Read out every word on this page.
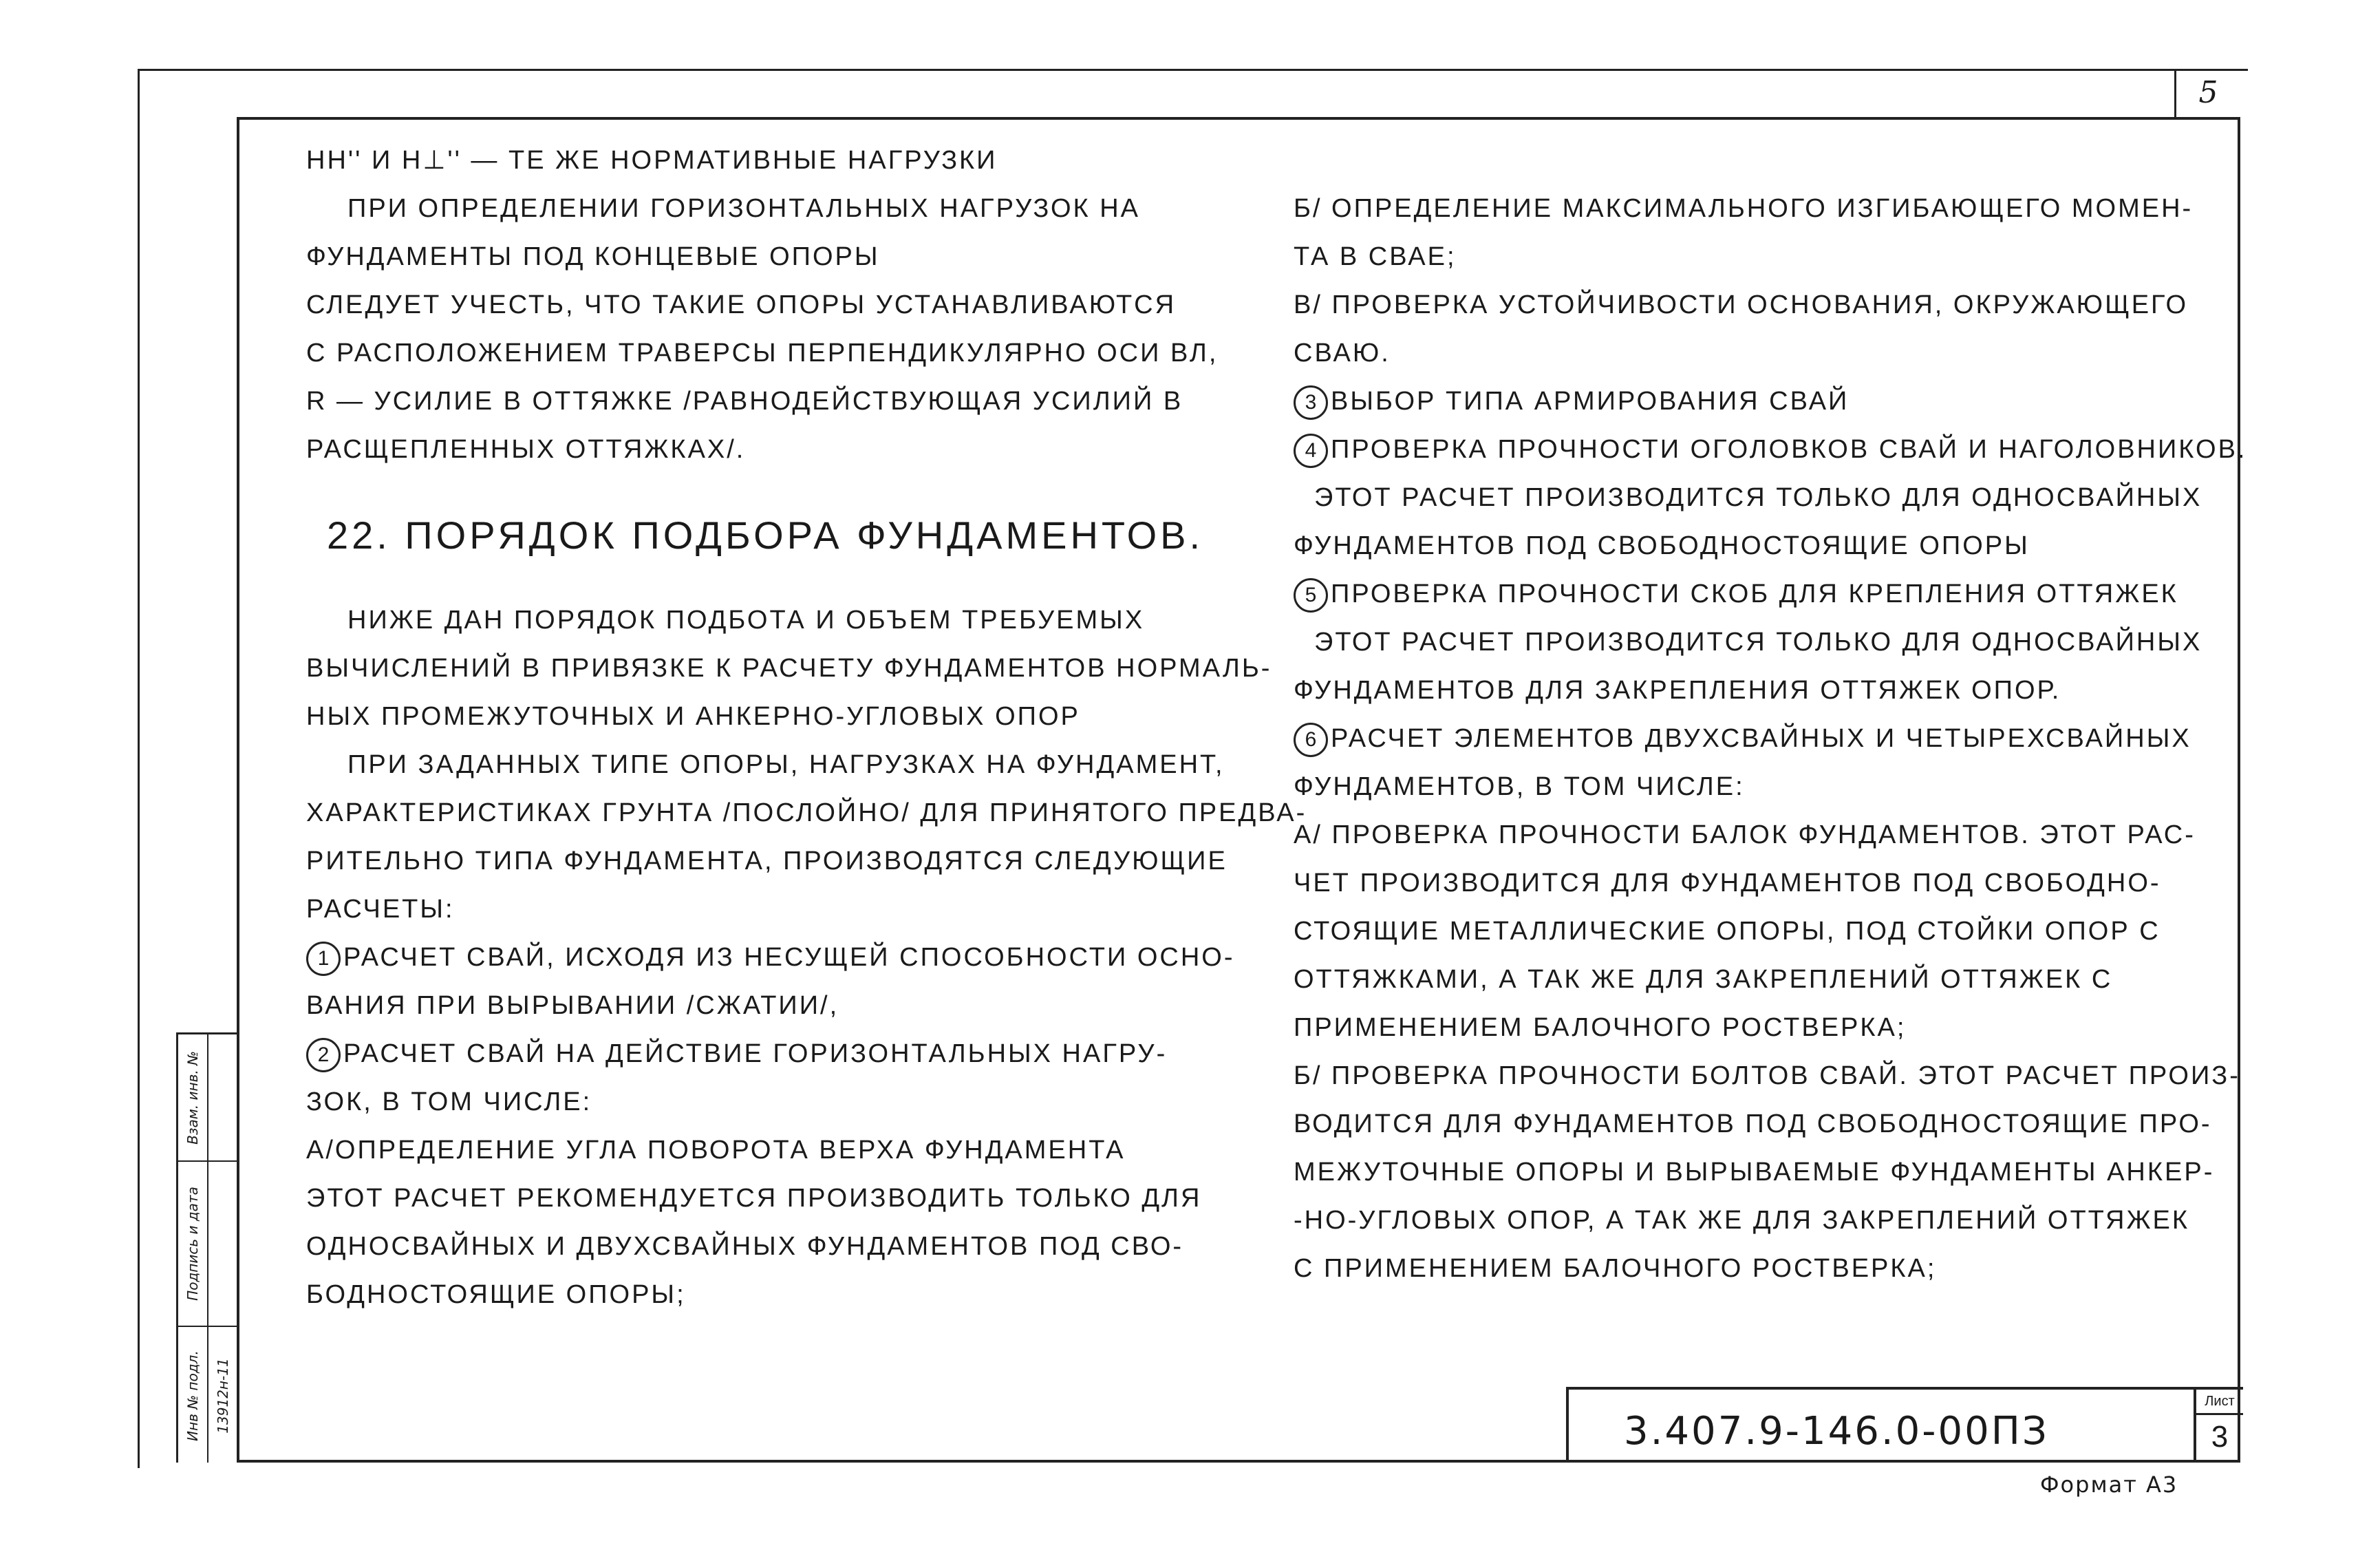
5
Взам. инв. №
Подпись и дата
Инв № подл. 13912н-11
HН'' И H⊥'' — ТЕ ЖЕ НОРМАТИВНЫЕ НАГРУЗКИ
ПРИ ОПРЕДЕЛЕНИИ ГОРИЗОНТАЛЬНЫХ НАГРУЗОК НА
ФУНДАМЕНТЫ ПОД КОНЦЕВЫЕ ОПОРЫ
СЛЕДУЕТ УЧЕСТЬ, ЧТО ТАКИЕ ОПОРЫ УСТАНАВЛИВАЮТСЯ
С РАСПОЛОЖЕНИЕМ ТРАВЕРСЫ ПЕРПЕНДИКУЛЯРНО ОСИ ВЛ,
R — УСИЛИЕ В ОТТЯЖКЕ /РАВНОДЕЙСТВУЮЩАЯ УСИЛИЙ В
РАСЩЕПЛЕННЫХ ОТТЯЖКАХ/.
22. ПОРЯДОК ПОДБОРА ФУНДАМЕНТОВ.
НИЖЕ ДАН ПОРЯДОК ПОДБОТА И ОБЪЕМ ТРЕБУЕМЫХ
ВЫЧИСЛЕНИЙ В ПРИВЯЗКЕ К РАСЧЕТУ ФУНДАМЕНТОВ НОРМАЛЬ-
НЫХ ПРОМЕЖУТОЧНЫХ И АНКЕРНО-УГЛОВЫХ ОПОР
ПРИ ЗАДАННЫХ ТИПЕ ОПОРЫ, НАГРУЗКАХ НА ФУНДАМЕНТ,
ХАРАКТЕРИСТИКАХ ГРУНТА /ПОСЛОЙНО/ ДЛЯ ПРИНЯТОГО ПРЕДВА-
РИТЕЛЬНО ТИПА ФУНДАМЕНТА, ПРОИЗВОДЯТСЯ СЛЕДУЮЩИЕ
РАСЧЕТЫ:
1 РАСЧЕТ СВАЙ, ИСХОДЯ ИЗ НЕСУЩЕЙ СПОСОБНОСТИ ОСНО-
ВАНИЯ ПРИ ВЫРЫВАНИИ /СЖАТИИ/,
2 РАСЧЕТ СВАЙ НА ДЕЙСТВИЕ ГОРИЗОНТАЛЬНЫХ НАГРУ-
ЗОК, В ТОМ ЧИСЛЕ:
А/ОПРЕДЕЛЕНИЕ УГЛА ПОВОРОТА ВЕРХА ФУНДАМЕНТА
ЭТОТ РАСЧЕТ РЕКОМЕНДУЕТСЯ ПРОИЗВОДИТЬ ТОЛЬКО ДЛЯ
ОДНОСВАЙНЫХ И ДВУХСВАЙНЫХ ФУНДАМЕНТОВ ПОД СВО-
БОДНОСТОЯЩИЕ ОПОРЫ;
Б/ ОПРЕДЕЛЕНИЕ МАКСИМАЛЬНОГО ИЗГИБАЮЩЕГО МОМЕН-
ТА В СВАЕ;
В/ ПРОВЕРКА УСТОЙЧИВОСТИ ОСНОВАНИЯ, ОКРУЖАЮЩЕГО
СВАЮ.
3 ВЫБОР ТИПА АРМИРОВАНИЯ СВАЙ
4 ПРОВЕРКА ПРОЧНОСТИ ОГОЛОВКОВ СВАЙ И НАГОЛОВНИКОВ.
ЭТОТ РАСЧЕТ ПРОИЗВОДИТСЯ ТОЛЬКО ДЛЯ ОДНОСВАЙНЫХ
ФУНДАМЕНТОВ ПОД СВОБОДНОСТОЯЩИЕ ОПОРЫ
5 ПРОВЕРКА ПРОЧНОСТИ СКОБ ДЛЯ КРЕПЛЕНИЯ ОТТЯЖЕК
ЭТОТ РАСЧЕТ ПРОИЗВОДИТСЯ ТОЛЬКО ДЛЯ ОДНОСВАЙНЫХ
ФУНДАМЕНТОВ ДЛЯ ЗАКРЕПЛЕНИЯ ОТТЯЖЕК ОПОР.
6 РАСЧЕТ ЭЛЕМЕНТОВ ДВУХСВАЙНЫХ И ЧЕТЫРЕХСВАЙНЫХ
ФУНДАМЕНТОВ, В ТОМ ЧИСЛЕ:
А/ ПРОВЕРКА ПРОЧНОСТИ БАЛОК ФУНДАМЕНТОВ. ЭТОТ РАС-
ЧЕТ ПРОИЗВОДИТСЯ ДЛЯ ФУНДАМЕНТОВ ПОД СВОБОДНО-
СТОЯЩИЕ МЕТАЛЛИЧЕСКИЕ ОПОРЫ, ПОД СТОЙКИ ОПОР С
ОТТЯЖКАМИ, А ТАК ЖЕ ДЛЯ ЗАКРЕПЛЕНИЙ ОТТЯЖЕК С
ПРИМЕНЕНИЕМ БАЛОЧНОГО РОСТВЕРКА;
Б/ ПРОВЕРКА ПРОЧНОСТИ БОЛТОВ СВАЙ. ЭТОТ РАСЧЕТ ПРОИЗ-
ВОДИТСЯ ДЛЯ ФУНДАМЕНТОВ ПОД СВОБОДНОСТОЯЩИЕ ПРО-
МЕЖУТОЧНЫЕ ОПОРЫ И ВЫРЫВАЕМЫЕ ФУНДАМЕНТЫ АНКЕР-
-НО-УГЛОВЫХ ОПОР, А ТАК ЖЕ ДЛЯ ЗАКРЕПЛЕНИЙ ОТТЯЖЕК
С ПРИМЕНЕНИЕМ БАЛОЧНОГО РОСТВЕРКА;
3.407.9-146.0-00ПЗ
Лист
3
Формат А3
